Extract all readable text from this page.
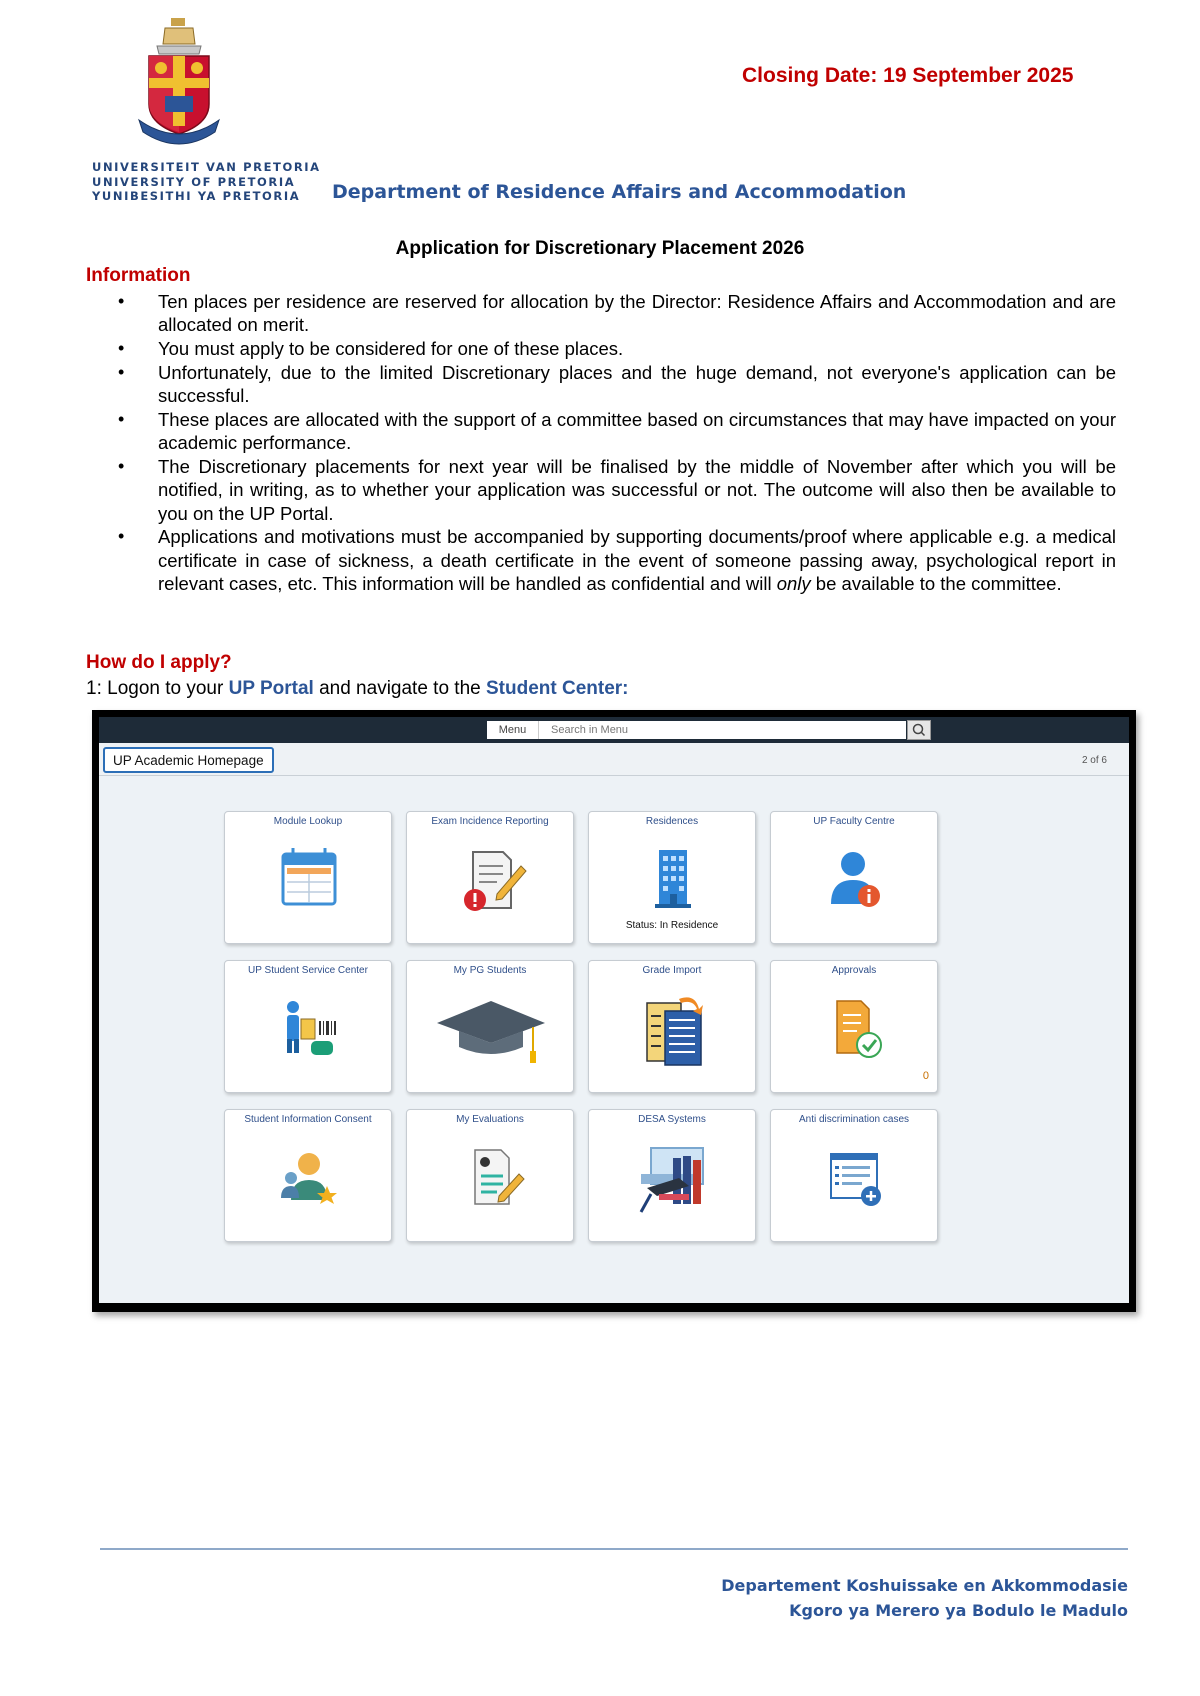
UNIVERSITEIT VAN PRETORIA
UNIVERSITY OF PRETORIA
YUNIBESITHI YA PRETORIA
Closing Date: 19 September 2025
Department of Residence Affairs and Accommodation
Application for Discretionary Placement 2026
Information
• Ten places per residence are reserved for allocation by the Director: Residence Affairs and Accommodation and are allocated on merit.
• You must apply to be considered for one of these places.
• Unfortunately, due to the limited Discretionary places and the huge demand, not everyone's application can be successful.
• These places are allocated with the support of a committee based on circumstances that may have impacted on your academic performance.
• The Discretionary placements for next year will be finalised by the middle of November after which you will be notified, in writing, as to whether your application was successful or not. The outcome will also then be available to you on the UP Portal.
• Applications and motivations must be accompanied by supporting documents/proof where applicable e.g. a medical certificate in case of sickness, a death certificate in the event of someone passing away, psychological report in relevant cases, etc. This information will be handled as confidential and will only be available to the committee.
How do I apply?
1: Logon to your UP Portal and navigate to the Student Center:
Menu	Search in Menu
UP Academic Homepage	2 of 6
Module Lookup	Exam Incidence Reporting	Residences
Status: In Residence
UP Faculty Centre
UP Student Service Center	My PG Students	Grade Import	Approvals
0
Student Information Consent	My Evaluations	DESA Systems	Anti discrimination cases
Departement Koshuissake en Akkommodasie
Kgoro ya Merero ya Bodulo le Madulo
